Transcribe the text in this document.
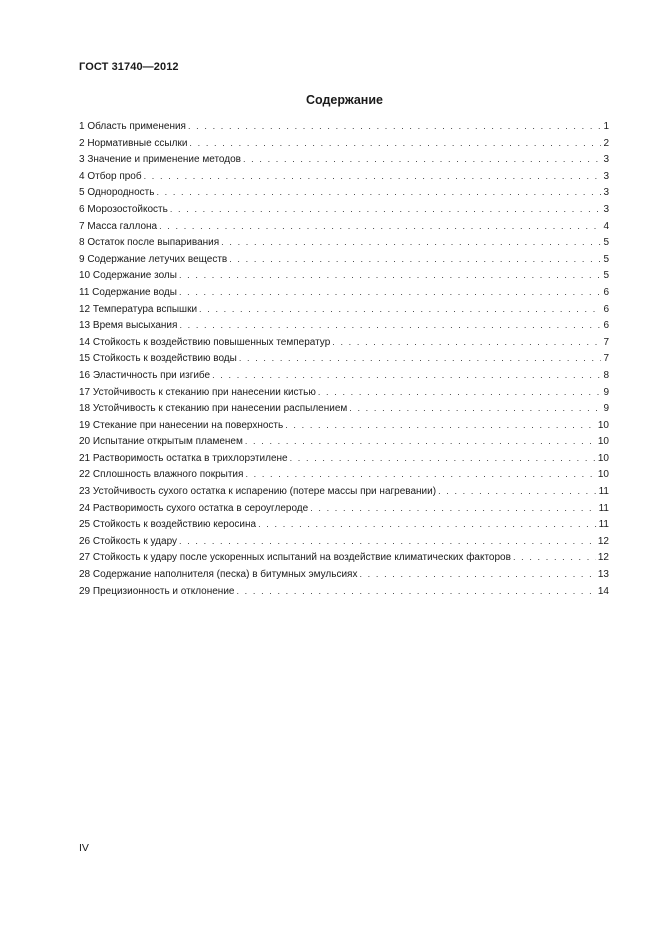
ГОСТ 31740—2012
Содержание
1 Область применения . . .	1
2 Нормативные ссылки . . .	2
3 Значение и применение методов . . .	3
4 Отбор проб . . .	3
5 Однородность . . .	3
6 Морозостойкость . . .	3
7 Масса галлона . . .	4
8 Остаток после выпаривания . . .	5
9 Содержание летучих веществ . . .	5
10 Содержание золы . . .	5
11 Содержание воды . . .	6
12 Температура вспышки . . .	6
13 Время высыхания . . .	6
14 Стойкость к воздействию повышенных температур . . .	7
15 Стойкость к воздействию воды . . .	7
16 Эластичность при изгибе . . .	8
17 Устойчивость к стеканию при нанесении кистью . . .	9
18 Устойчивость к стеканию при нанесении распылением . . .	9
19 Стекание при нанесении на поверхность . . .	10
20 Испытание открытым пламенем . . .	10
21 Растворимость остатка в трихлорэтилене . . .	10
22 Сплошность влажного покрытия . . .	10
23 Устойчивость сухого остатка к испарению (потере массы при нагревании) . . .	11
24 Растворимость сухого остатка в сероуглероде . . .	11
25 Стойкость к воздействию керосина . . .	11
26 Стойкость к удару . . .	12
27 Стойкость к удару после ускоренных испытаний на воздействие климатических факторов . . .	12
28 Содержание наполнителя (песка) в битумных эмульсиях . . .	13
29 Прецизионность и отклонение . . .	14
IV
